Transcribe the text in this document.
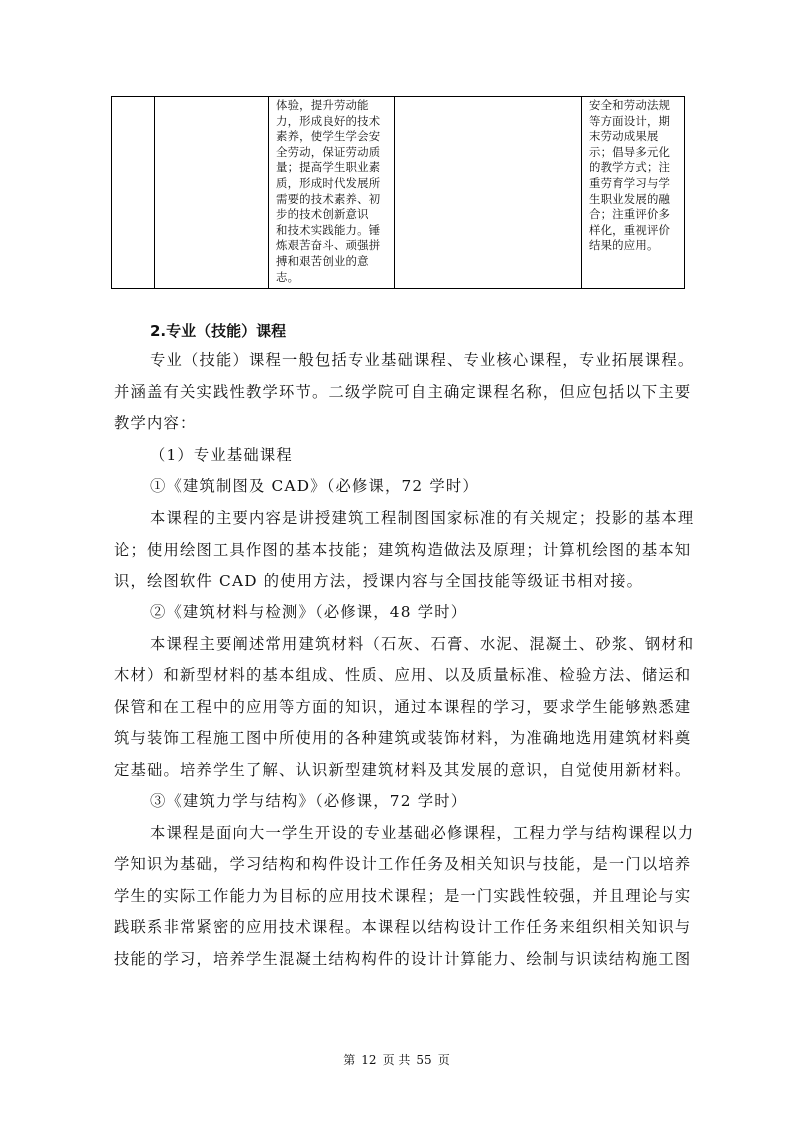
体验，提升劳动能
力，形成良好的技术
素养，使学生学会安
全劳动，保证劳动质
量；提高学生职业素
质，形成时代发展所
需要的技术素养、初
步的技术创新意识
和技术实践能力。锤
炼艰苦奋斗、顽强拼
搏和艰苦创业的意
志。
安全和劳动法规
等方面设计，期
末劳动成果展
示；倡导多元化
的教学方式；注
重劳育学习与学
生职业发展的融
合；注重评价多
样化，重视评价
结果的应用。
2.专业（技能）课程
专业（技能）课程一般包括专业基础课程、专业核心课程，专业拓展课程。
并涵盖有关实践性教学环节。二级学院可自主确定课程名称，但应包括以下主要
教学内容：
（1）专业基础课程
①《建筑制图及 CAD》（必修课，72 学时）
本课程的主要内容是讲授建筑工程制图国家标准的有关规定；投影的基本理
论；使用绘图工具作图的基本技能；建筑构造做法及原理；计算机绘图的基本知
识，绘图软件 CAD 的使用方法，授课内容与全国技能等级证书相对接。
②《建筑材料与检测》（必修课，48 学时）
本课程主要阐述常用建筑材料（石灰、石膏、水泥、混凝土、砂浆、钢材和
木材）和新型材料的基本组成、性质、应用、以及质量标准、检验方法、储运和
保管和在工程中的应用等方面的知识，通过本课程的学习，要求学生能够熟悉建
筑与装饰工程施工图中所使用的各种建筑或装饰材料，为准确地选用建筑材料奠
定基础。培养学生了解、认识新型建筑材料及其发展的意识，自觉使用新材料。
③《建筑力学与结构》（必修课，72 学时）
本课程是面向大一学生开设的专业基础必修课程，工程力学与结构课程以力
学知识为基础，学习结构和构件设计工作任务及相关知识与技能，是一门以培养
学生的实际工作能力为目标的应用技术课程；是一门实践性较强，并且理论与实
践联系非常紧密的应用技术课程。本课程以结构设计工作任务来组织相关知识与
技能的学习，培养学生混凝土结构构件的设计计算能力、绘制与识读结构施工图
第 12 页 共 55 页
